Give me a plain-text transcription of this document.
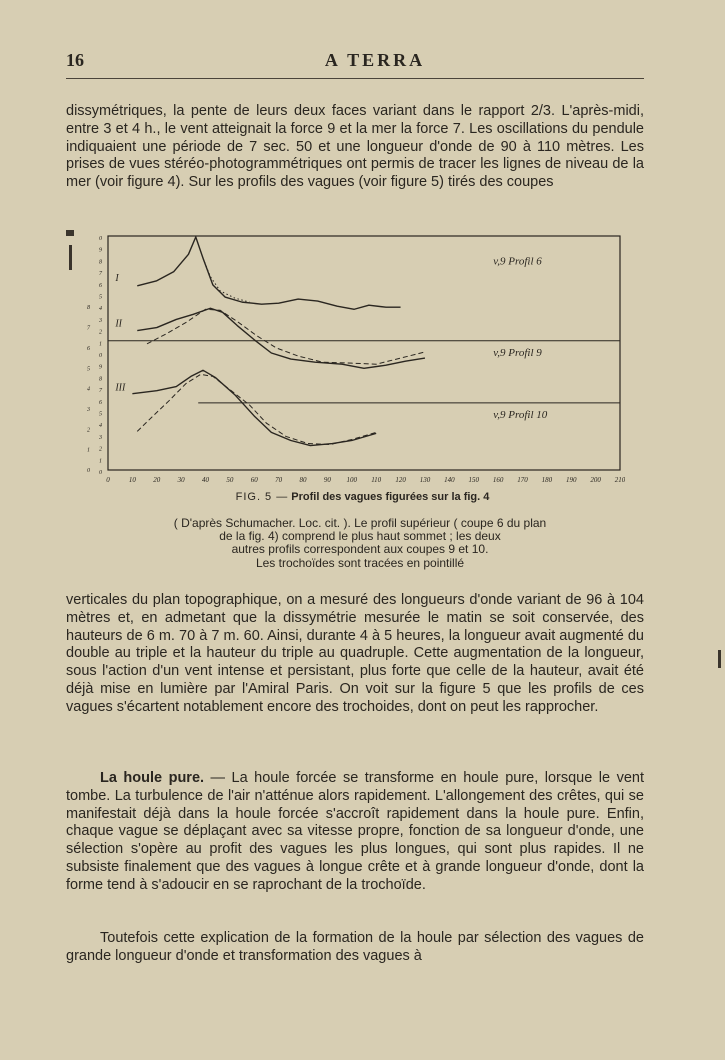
16	A TERRA

dissymétriques, la pente de leurs deux faces variant dans le rapport 2/3. L'après-midi, entre 3 et 4 h., le vent atteignait la force 9 et la mer la force 7. Les oscillations du pendule indiquaient une période de 7 sec. 50 et une longueur d'onde de 90 à 110 mètres. Les prises de vues stéréo-photogrammétriques ont permis de tracer les lignes de niveau de la mer (voir figure 4). Sur les profils des vagues (voir figure 5) tirés des coupes

0	10 20 30 40 50 60 70 80 90 100 110 120 130 140 150 160 170 180 190 200 210
0
9
8
7
6
5
4
3
2
1
0
9
8
7
6
5
4
3
2
1
0
8
7
6
5
4
3
2
1
0
I
v,9 Profil 6
II
v,9 Profil 9
III
v,9 Profil 10
FIG. 5 — Profil des vagues figurées sur la fig. 4
( D'après Schumacher. Loc. cit. ). Le profil supérieur ( coupe 6 du plan
de la fig. 4) comprend le plus haut sommet ; les deux
autres profils correspondent aux coupes 9 et 10.
Les trochoïdes sont tracées en pointillé

verticales du plan topographique, on a mesuré des longueurs d'onde variant de 96 à 104 mètres et, en admetant que la dissymétrie mesurée le matin se soit conservée, des hauteurs de 6 m. 70 à 7 m. 60. Ainsi, durante 4 à 5 heures, la longueur avait augmenté du double au triple et la hauteur du triple au quadruple. Cette augmentation de la longueur, sous l'action d'un vent intense et persistant, plus forte que celle de la hauteur, avait été déjà mise en lumière par l'Amiral Paris. On voit sur la figure 5 que les profils de ces vagues s'écartent notablement encore des trochoides, dont on peut les rapprocher.

La houle pure. — La houle forcée se transforme en houle pure, lorsque le vent tombe. La turbulence de l'air n'atténue alors rapidement. L'allongement des crêtes, qui se manifestait déjà dans la houle forcée s'accroît rapidement dans la houle pure. Enfin, chaque vague se déplaçant avec sa vitesse propre, fonction de sa longueur d'onde, une sélection s'opère au profit des vagues les plus longues, qui sont plus rapides. Il ne subsiste finalement que des vagues à longue crête et à grande longueur d'onde, dont la forme tend à s'adoucir en se raprochant de la trochoïde.

Toutefois cette explication de la formation de la houle par sélection des vagues de grande longueur d'onde et transformation des vagues à
